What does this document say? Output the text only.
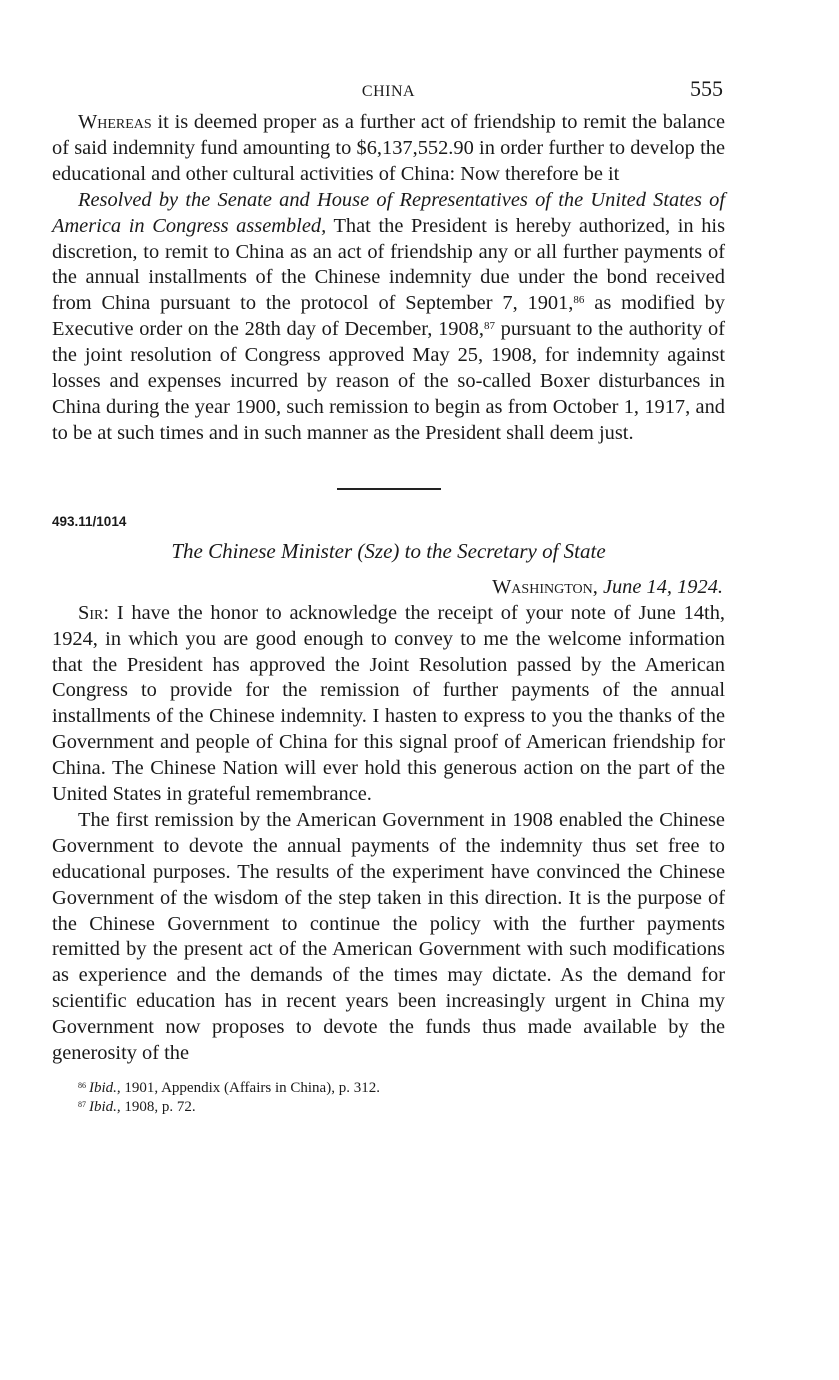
CHINA	555

Whereas it is deemed proper as a further act of friendship to remit the balance of said indemnity fund amounting to $6,137,552.90 in order further to develop the educational and other cultural activities of China: Now therefore be it

Resolved by the Senate and House of Representatives of the United States of America in Congress assembled, That the President is hereby authorized, in his discretion, to remit to China as an act of friendship any or all further payments of the annual installments of the Chinese indemnity due under the bond received from China pursuant to the protocol of September 7, 1901,86 as modified by Executive order on the 28th day of December, 1908,87 pursuant to the authority of the joint resolution of Congress approved May 25, 1908, for indemnity against losses and expenses incurred by reason of the so-called Boxer disturbances in China during the year 1900, such remission to begin as from October 1, 1917, and to be at such times and in such manner as the President shall deem just.

493.11/1014
The Chinese Minister (Sze) to the Secretary of State
Washington, June 14, 1924.

Sir: I have the honor to acknowledge the receipt of your note of June 14th, 1924, in which you are good enough to convey to me the welcome information that the President has approved the Joint Resolution passed by the American Congress to provide for the remission of further payments of the annual installments of the Chinese indemnity. I hasten to express to you the thanks of the Government and people of China for this signal proof of American friendship for China. The Chinese Nation will ever hold this generous action on the part of the United States in grateful remembrance.

The first remission by the American Government in 1908 enabled the Chinese Government to devote the annual payments of the indemnity thus set free to educational purposes. The results of the experiment have convinced the Chinese Government of the wisdom of the step taken in this direction. It is the purpose of the Chinese Government to continue the policy with the further payments remitted by the present act of the American Government with such modifications as experience and the demands of the times may dictate. As the demand for scientific education has in recent years been increasingly urgent in China my Government now proposes to devote the funds thus made available by the generosity of the

$^{86}$ Ibid., 1901, Appendix (Affairs in China), p. 312.
$^{87}$ Ibid., 1908, p. 72.
